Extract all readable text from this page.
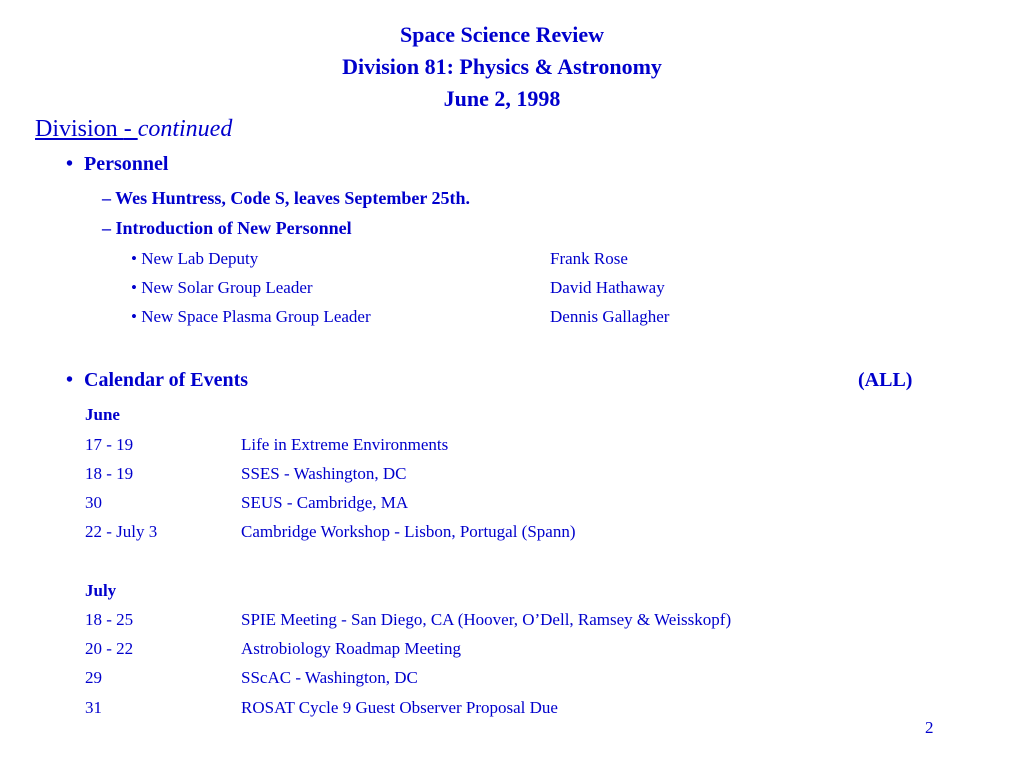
Space Science Review
Division 81: Physics & Astronomy
June 2, 1998
Division - continued
• Personnel
– Wes Huntress, Code S, leaves September 25th.
– Introduction of New Personnel
• New Lab Deputy	Frank Rose
• New Solar Group Leader	David Hathaway
• New Space Plasma Group Leader	Dennis Gallagher
• Calendar of Events	(ALL)
June
17 - 19	Life in Extreme Environments
18 - 19	SSES - Washington, DC
30	SEUS - Cambridge, MA
22 - July 3	Cambridge Workshop - Lisbon, Portugal (Spann)
July
18 - 25	SPIE Meeting - San Diego, CA (Hoover, O’Dell, Ramsey & Weisskopf)
20 - 22	Astrobiology Roadmap Meeting
29	SScAC - Washington, DC
31	ROSAT Cycle 9 Guest Observer Proposal Due
2
